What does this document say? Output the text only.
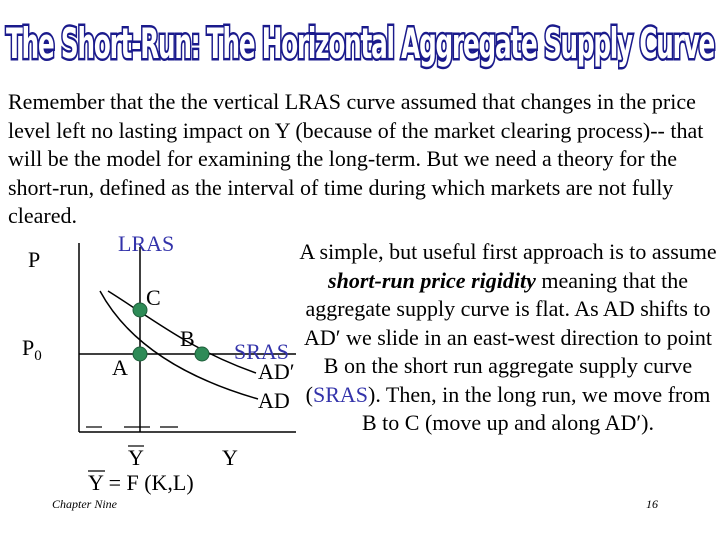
The Short-Run: The Horizontal Aggregate Supply Curve

Remember that the the vertical LRAS curve assumed that changes in the price level left no lasting impact on Y (because of the market clearing process)-- that will be the model for examining the long-term. But we need a theory for the short-run, defined as the interval of time during which markets are not fully cleared.

A simple, but useful first approach is to assume short-run price rigidity meaning that the aggregate supply curve is flat. As AD shifts to AD′ we slide in an east-west direction to point B on the short run aggregate supply curve (SRAS). Then, in the long run, we move from B to C (move up and along AD′).

P
$P_0$
LRAS
C
B
A
SRAS
AD′
AD
Y	Y
Y = F (K,L)
Chapter Nine	16
